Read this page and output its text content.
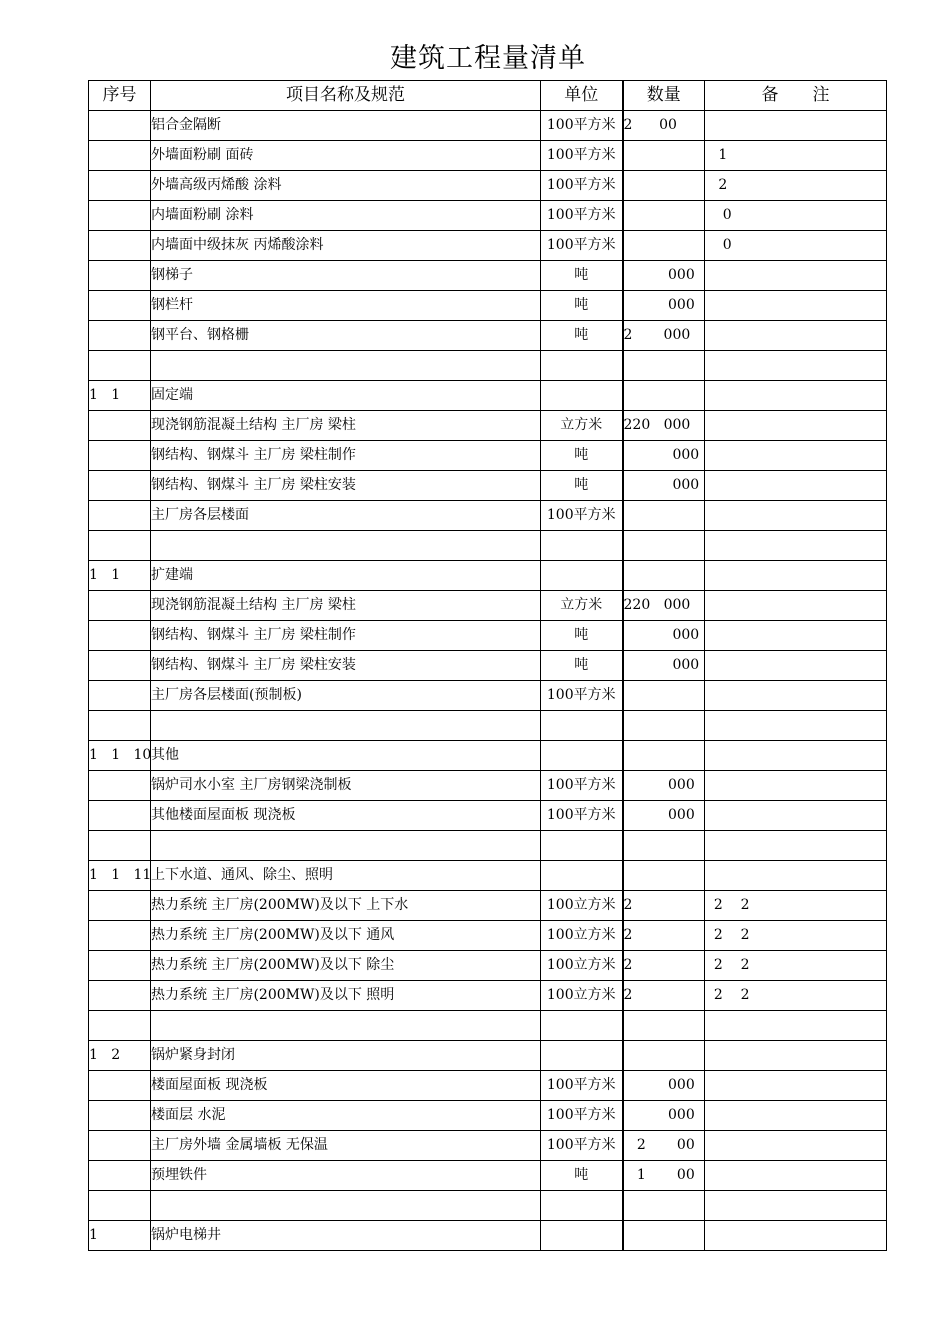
建筑工程量清单
序号	项目名称及规范	单位	数量	备　　注
	铝合金隔断	100平方米	2      00	
	外墙面粉刷 面砖	100平方米		1
	外墙高级丙烯酸 涂料	100平方米		2
	内墙面粉刷 涂料	100平方米		0
	内墙面中级抹灰 丙烯酸涂料	100平方米		0
	钢梯子	吨	000	
	钢栏杆	吨	000	
	钢平台、钢格栅	吨	2       000	

1   1	固定端			
	现浇钢筋混凝土结构 主厂房 梁柱	立方米	220   000	
	钢结构、钢煤斗 主厂房 梁柱制作	吨	000	
	钢结构、钢煤斗 主厂房 梁柱安装	吨	000	
	主厂房各层楼面	100平方米		

1   1	扩建端			
	现浇钢筋混凝土结构 主厂房 梁柱	立方米	220   000	
	钢结构、钢煤斗 主厂房 梁柱制作	吨	000	
	钢结构、钢煤斗 主厂房 梁柱安装	吨	000	
	主厂房各层楼面(预制板)	100平方米		

1   1   10	其他			
	锅炉司水小室 主厂房钢梁浇制板	100平方米	000	
	其他楼面屋面板 现浇板	100平方米	000	

1   1   11	上下水道、通风、除尘、照明			
	热力系统 主厂房(200MW)及以下 上下水	100立方米	2	2    2
	热力系统 主厂房(200MW)及以下 通风	100立方米	2	2    2
	热力系统 主厂房(200MW)及以下 除尘	100立方米	2	2    2
	热力系统 主厂房(200MW)及以下 照明	100立方米	2	2    2

1   2	锅炉紧身封闭			
	楼面屋面板 现浇板	100平方米	000	
	楼面层 水泥	100平方米	000	
	主厂房外墙 金属墙板 无保温	100平方米	2       00	
	预埋铁件	吨	1       00	

1	锅炉电梯井			
